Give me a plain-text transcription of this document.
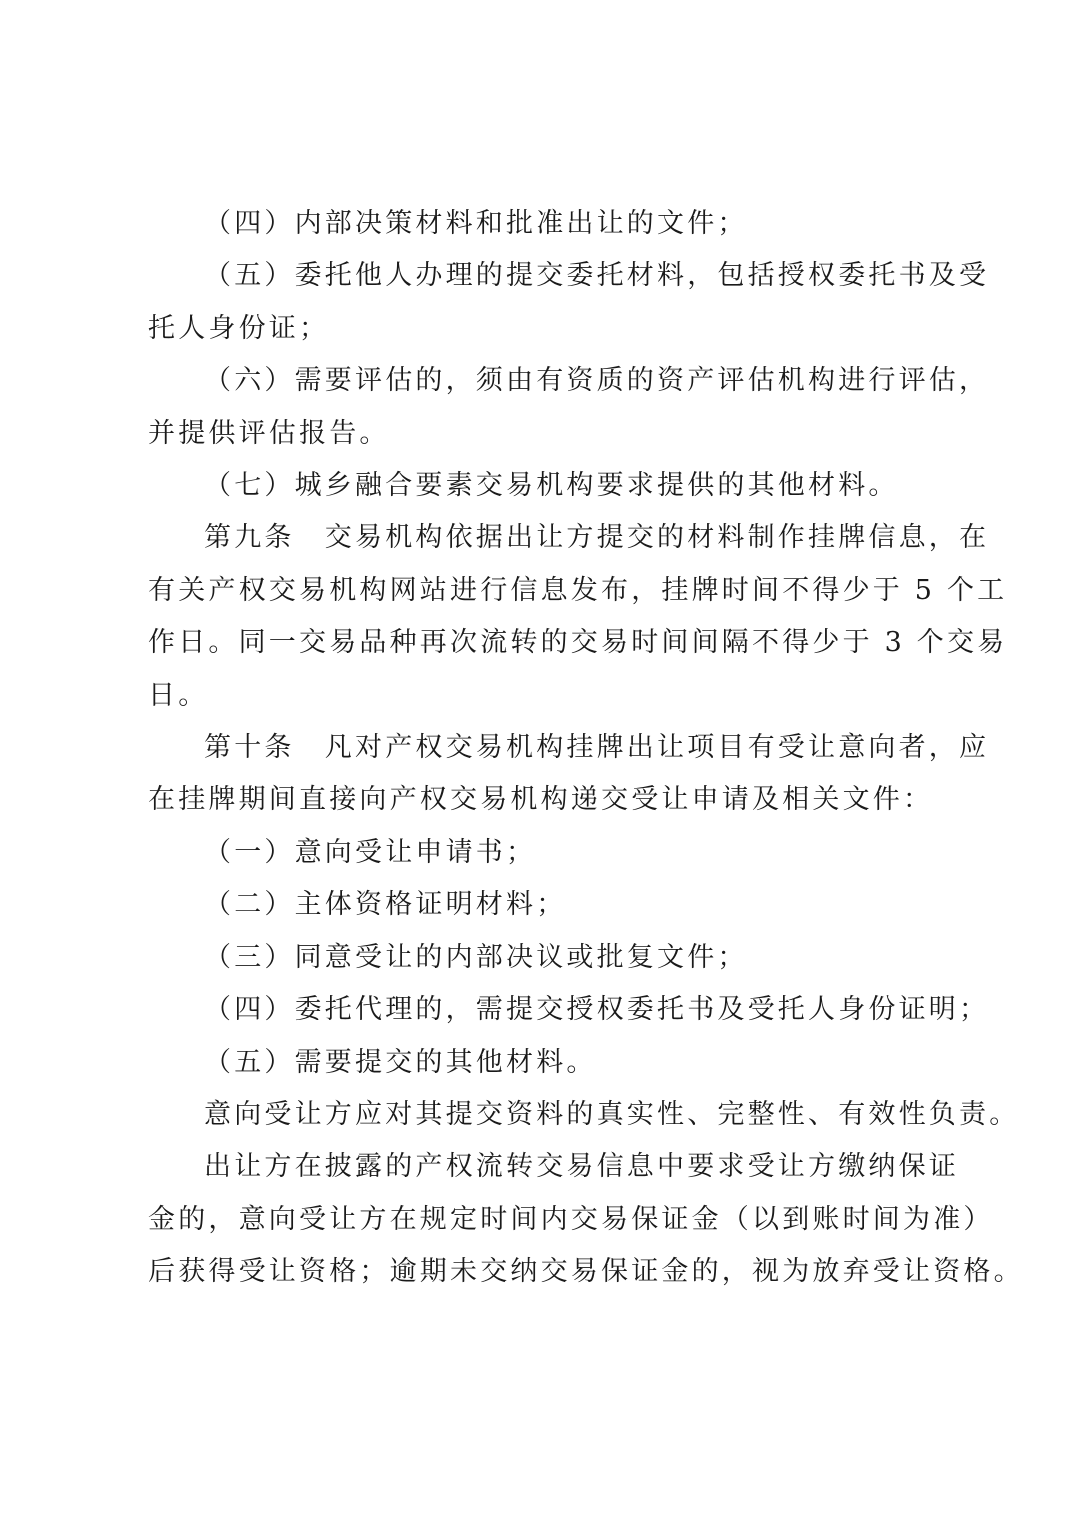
（四）内部决策材料和批准出让的文件；

（五）委托他人办理的提交委托材料，包括授权委托书及受
托人身份证；

（六）需要评估的，须由有资质的资产评估机构进行评估，
并提供评估报告。

（七）城乡融合要素交易机构要求提供的其他材料。

第九条　交易机构依据出让方提交的材料制作挂牌信息，在
有关产权交易机构网站进行信息发布，挂牌时间不得少于 5 个工
作日。同一交易品种再次流转的交易时间间隔不得少于 3 个交易
日。

第十条　凡对产权交易机构挂牌出让项目有受让意向者，应
在挂牌期间直接向产权交易机构递交受让申请及相关文件：

（一）意向受让申请书；

（二）主体资格证明材料；

（三）同意受让的内部决议或批复文件；

（四）委托代理的，需提交授权委托书及受托人身份证明；

（五）需要提交的其他材料。

意向受让方应对其提交资料的真实性、完整性、有效性负责。

出让方在披露的产权流转交易信息中要求受让方缴纳保证
金的，意向受让方在规定时间内交易保证金（以到账时间为准）
后获得受让资格；逾期未交纳交易保证金的，视为放弃受让资格。
